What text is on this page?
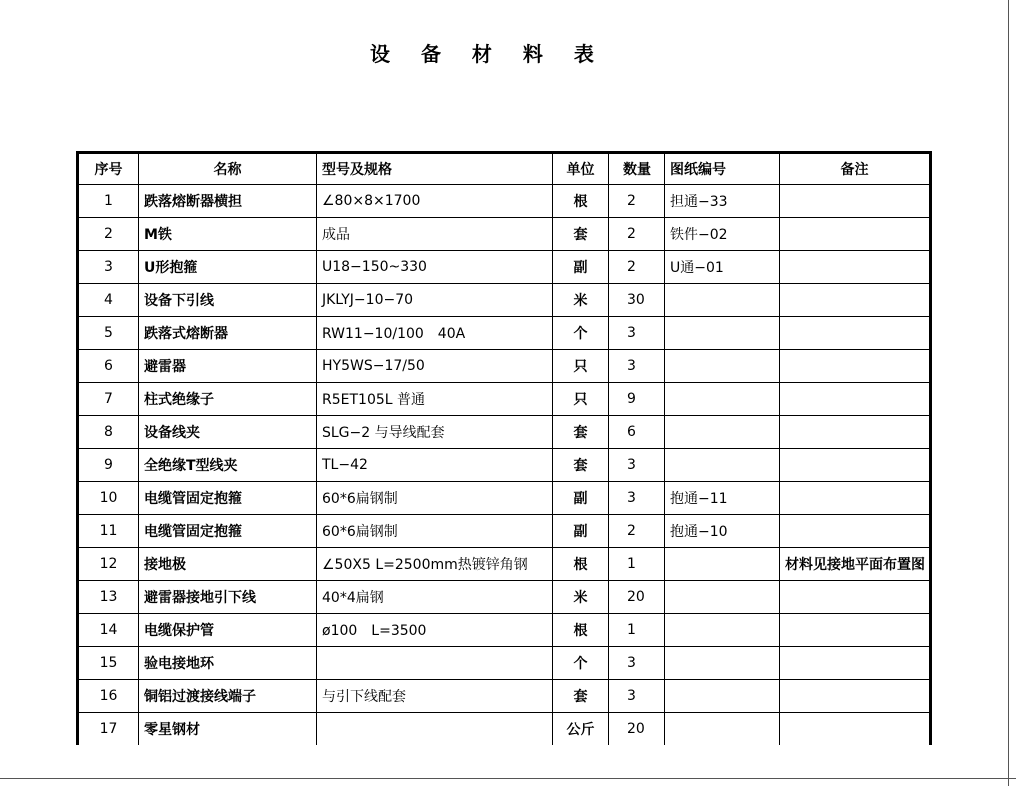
设 备 材 料 表
序号	名称	型号及规格	单位	数量	图纸编号	备注
1	跌落熔断器横担	∠80×8×1700	根	2	担通−33	
2	M铁	成品	套	2	铁件−02	
3	U形抱箍	U18−150~330	副	2	U通−01	
4	设备下引线	JKLYJ−10−70	米	30		
5	跌落式熔断器	RW11−10/100　40A	个	3		
6	避雷器	HY5WS−17/50	只	3		
7	柱式绝缘子	R5ET105L 普通	只	9		
8	设备线夹	SLG−2 与导线配套	套	6		
9	全绝缘T型线夹	TL−42	套	3		
10	电缆管固定抱箍	60*6扁钢制	副	3	抱通−11	
11	电缆管固定抱箍	60*6扁钢制	副	2	抱通−10	
12	接地极	∠50X5 L=2500mm热镀锌角钢	根	1		材料见接地平面布置图
13	避雷器接地引下线	40*4扁钢	米	20		
14	电缆保护管	ø100　L=3500	根	1		
15	验电接地环		个	3		
16	铜铝过渡接线端子	与引下线配套	套	3		
17	零星钢材		公斤	20		
